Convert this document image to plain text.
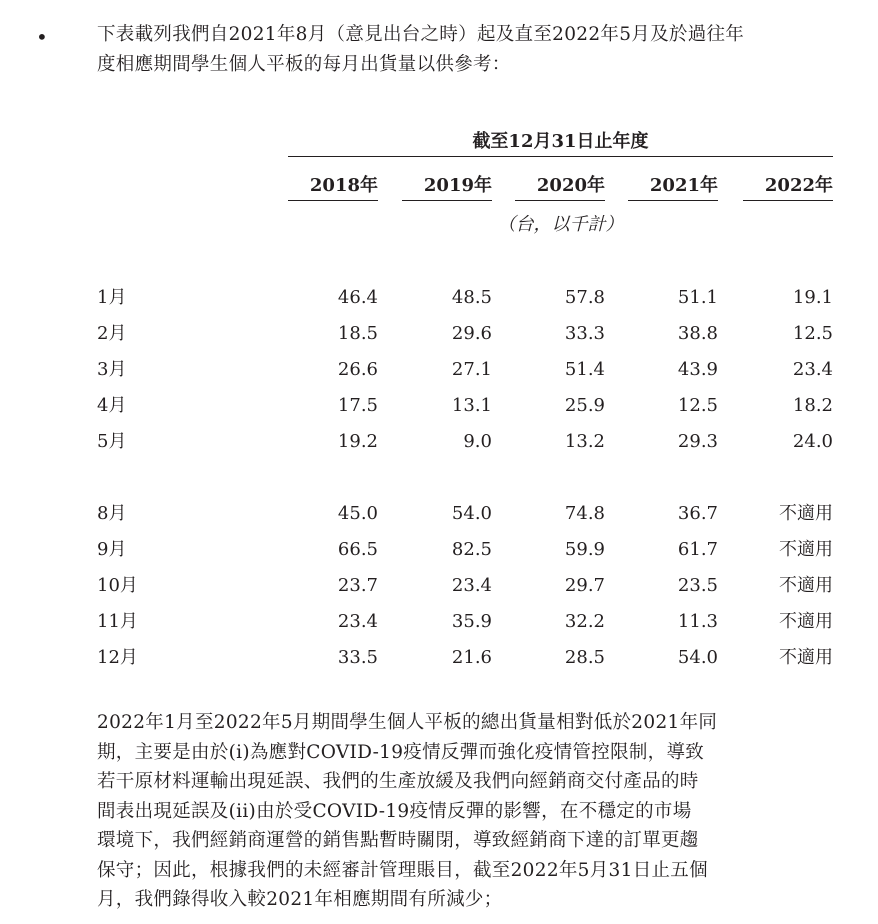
•	下表載列我們自2021年8月（意見出台之時）起及直至2022年5月及於過往年
度相應期間學生個人平板的每月出貨量以供參考：
截至12月31日止年度
2018年	2019年	2020年	2021年	2022年
（台，以千計）
1月	46.4	48.5	57.8	51.1	19.1
2月	18.5	29.6	33.3	38.8	12.5
3月	26.6	27.1	51.4	43.9	23.4
4月	17.5	13.1	25.9	12.5	18.2
5月	19.2	9.0	13.2	29.3	24.0
8月	45.0	54.0	74.8	36.7	不適用
9月	66.5	82.5	59.9	61.7	不適用
10月	23.7	23.4	29.7	23.5	不適用
11月	23.4	35.9	32.2	11.3	不適用
12月	33.5	21.6	28.5	54.0	不適用
2022年1月至2022年5月期間學生個人平板的總出貨量相對低於2021年同
期，主要是由於(i)為應對COVID-19疫情反彈而強化疫情管控限制，導致
若干原材料運輸出現延誤、我們的生產放緩及我們向經銷商交付產品的時
間表出現延誤及(ii)由於受COVID-19疫情反彈的影響，在不穩定的市場
環境下，我們經銷商運營的銷售點暫時關閉，導致經銷商下達的訂單更趨
保守；因此，根據我們的未經審計管理賬目，截至2022年5月31日止五個
月，我們錄得收入較2021年相應期間有所減少；
